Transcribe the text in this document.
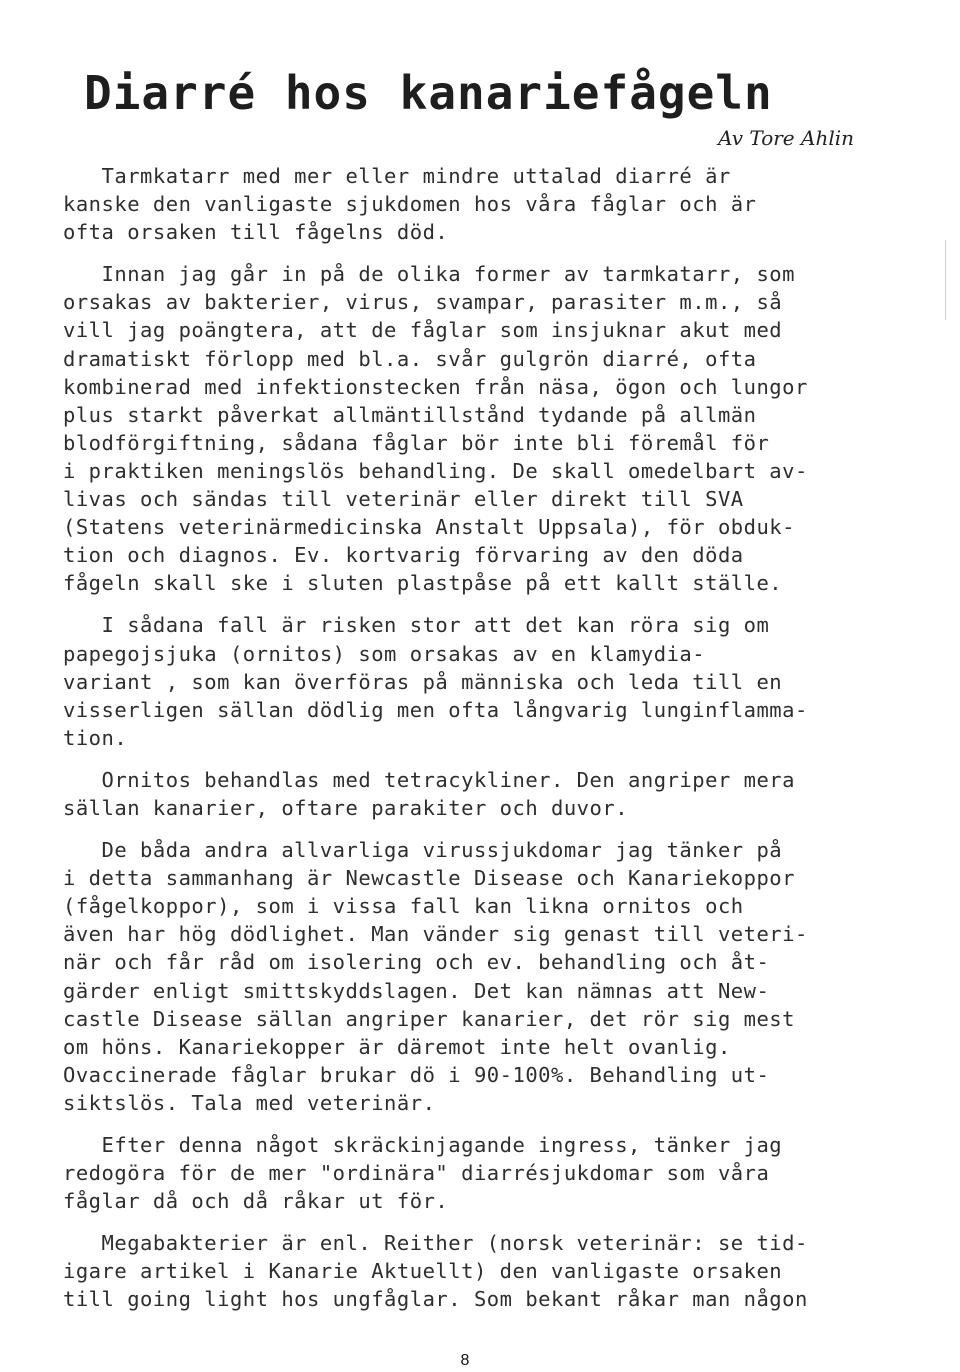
Diarré hos kanariefågeln
Av Tore Ahlin
Tarmkatarr med mer eller mindre uttalad diarré är
kanske den vanligaste sjukdomen hos våra fåglar och är
ofta orsaken till fågelns död.
Innan jag går in på de olika former av tarmkatarr, som
orsakas av bakterier, virus, svampar, parasiter m.m., så
vill jag poängtera, att de fåglar som insjuknar akut med
dramatiskt förlopp med bl.a. svår gulgrön diarré, ofta
kombinerad med infektionstecken från näsa, ögon och lungor
plus starkt påverkat allmäntillstånd tydande på allmän
blodförgiftning, sådana fåglar bör inte bli föremål för
i praktiken meningslös behandling. De skall omedelbart av-
livas och sändas till veterinär eller direkt till SVA
(Statens veterinärmedicinska Anstalt Uppsala), för obduk-
tion och diagnos. Ev. kortvarig förvaring av den döda
fågeln skall ske i sluten plastpåse på ett kallt ställe.
I sådana fall är risken stor att det kan röra sig om
papegojsjuka (ornitos) som orsakas av en klamydia-
variant , som kan överföras på människa och leda till en
visserligen sällan dödlig men ofta långvarig lunginflamma-
tion.
Ornitos behandlas med tetracykliner. Den angriper mera
sällan kanarier, oftare parakiter och duvor.
De båda andra allvarliga virussjukdomar jag tänker på
i detta sammanhang är Newcastle Disease och Kanariekoppor
(fågelkoppor), som i vissa fall kan likna ornitos och
även har hög dödlighet. Man vänder sig genast till veteri-
när och får råd om isolering och ev. behandling och åt-
gärder enligt smittskyddslagen. Det kan nämnas att New-
castle Disease sällan angriper kanarier, det rör sig mest
om höns. Kanariekopper är däremot inte helt ovanlig.
Ovaccinerade fåglar brukar dö i 90-100%. Behandling ut-
siktslös. Tala med veterinär.
Efter denna något skräckinjagande ingress, tänker jag
redogöra för de mer "ordinära" diarrésjukdomar som våra
fåglar då och då råkar ut för.
Megabakterier är enl. Reither (norsk veterinär: se tid-
igare artikel i Kanarie Aktuellt) den vanligaste orsaken
till going light hos ungfåglar. Som bekant råkar man någon
8
